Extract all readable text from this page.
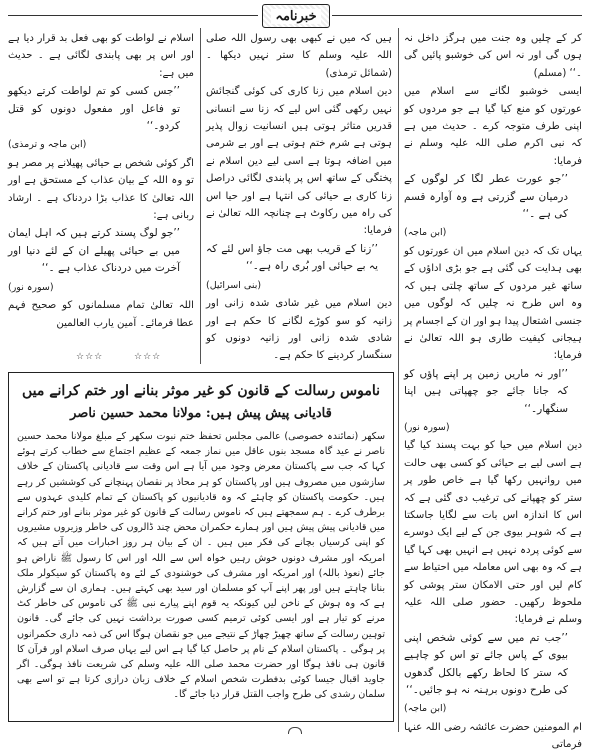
خبرنامہ

کر کے چلیں وہ جنت میں ہرگز داخل نہ ہوں گی اور نہ اس کی خوشبو پائیں گی ۔‘‘ (مسلم)

ایسی خوشبو لگانے سے اسلام میں عورتوں کو منع کیا گیا ہے جو مردوں کو اپنی طرف متوجہ کرے ۔ حدیث میں ہے کہ نبی اکرم صلی اللہ علیہ وسلم نے فرمایا:

’’جو عورت عطر لگا کر لوگوں کے درمیان سے گزرتی ہے وہ آوارہ قسم کی ہے ۔‘‘

(ابن ماجہ)

یہاں تک کہ دین اسلام میں ان عورتوں کو بھی ہدایت کی گئی ہے جو بڑی اداؤں کے ساتھ غیر مردوں کے ساتھ چلتی ہیں کہ وہ اس طرح نہ چلیں کہ لوگوں میں جنسی اشتعال پیدا ہو اور ان کے اجسام پر ہیجانی کیفیت طاری ہو اللہ تعالیٰ نے فرمایا:

’’اور نہ ماریں زمین پر اپنے پاؤں کو کہ جانا جائے جو چھپاتی ہیں اپنا سنگھار۔‘‘

(سورہ نور)

دین اسلام میں حیا کو بہت پسند کیا گیا ہے اسی لیے بے حیائی کو کسی بھی حالت میں روانہیں رکھا گیا ہے خاص طور پر ستر کو چھپانے کی ترغیب دی گئی ہے کہ اس کا اندازہ اس بات سے لگایا جاسکتا ہے کہ شوہر بیوی جن کے لیے ایک دوسرے سے کوئی پردہ نہیں ہے انہیں بھی کہا گیا ہے کہ وہ بھی اس معاملہ میں احتیاط سے کام لیں اور حتی الامکان ستر پوشی کو ملحوظ رکھیں۔ حضور صلی اللہ علیہ وسلم نے فرمایا:

’’جب تم میں سے کوئی شخص اپنی بیوی کے پاس جائے تو اس کو چاہیے کہ ستر کا لحاظ رکھے بالکل گدھوں کی طرح دونوں برہنہ نہ ہو جائیں۔‘‘

(ابن ماجہ)

ام المومنین حضرت عائشہ رضی اللہ عنہا فرماتی

ہیں کہ میں نے کبھی بھی رسول اللہ صلی اللہ علیہ وسلم کا ستر نہیں دیکھا ۔ (شمائل ترمذی)

دین اسلام میں زنا کاری کی کوئی گنجائش نہیں رکھی گئی اس لیے کہ زنا سے انسانی قدریں متاثر ہوتی ہیں انسانیت زوال پذیر ہوتی ہے شرم ختم ہوتی ہے اور بے شرمی میں اضافہ ہوتا ہے اسی لیے دین اسلام نے پختگی کے ساتھ اس پر پابندی لگائی دراصل زنا کاری بے حیائی کی انتہا ہے اور حیا اس کی راہ میں رکاوٹ ہے چنانچہ اللہ تعالیٰ نے فرمایا:

’’زنا کے قریب بھی مت جاؤ اس لئے کہ یہ بے حیائی اور بُری راہ ہے۔‘‘

(بنی اسرائیل)

دین اسلام میں غیر شادی شدہ زانی اور زانیہ کو سو کوڑے لگانے کا حکم ہے اور شادی شدہ زانی اور زانیہ دونوں کو سنگسار کردینے کا حکم ہے۔

اسلام نے لواطت کو بھی فعل بد قرار دیا ہے اور اس پر بھی پابندی لگائی ہے ۔ حدیث میں ہے:

’’جس کسی کو تم لواطت کرتے دیکھو تو فاعل اور مفعول دونوں کو قتل کردو۔‘‘

(ابن ماجہ و ترمذی)

اگر کوئی شخص بے حیائی پھیلانے پر مصر ہو تو وہ اللہ کے بیان عذاب کے مستحق ہے اور اللہ تعالیٰ کا عذاب بڑا دردناک ہے ۔ ارشاد ربانی ہے:

’’جو لوگ پسند کرتے ہیں کہ اہل ایمان میں بے حیائی پھیلے ان کے لئے دنیا اور آخرت میں دردناک عذاب ہے ۔‘‘

(سورہ نور)

اللہ تعالیٰ تمام مسلمانوں کو صحیح فہم عطا فرمائے۔ آمین یارب العالمین

☆☆☆	☆☆☆

ناموس رسالت کے قانون کو غیر موثر بنانے اور ختم کرانے میں

قادیانی پیش پیش ہیں: مولانا محمد حسین ناصر

سکھر (نمائندہ خصوصی) عالمی مجلس تحفظ ختم نبوت سکھر کے مبلغ مولانا محمد حسین ناصر نے عید گاہ مسجد بنوں عاقل میں نماز جمعہ کے عظیم اجتماع سے خطاب کرتے ہوئے کہا کہ جب سے پاکستان معرض وجود میں آیا ہے اس وقت سے قادیانی پاکستان کے خلاف سازشوں میں مصروف ہیں اور پاکستان کو ہر محاذ پر نقصان پہنچانے کی کوششیں کر رہے ہیں۔ حکومت پاکستان کو چاہئے کہ وہ قادیانیوں کو پاکستان کے تمام کلیدی عہدوں سے برطرف کرے ۔ ہم سمجھتے ہیں کہ ناموس رسالت کے قانون کو غیر موثر بنانے اور ختم کرانے میں قادیانی پیش پیش ہیں اور ہمارے حکمران محض چند ڈالروں کی خاطر وزیروں مشیروں کو اپنی کرسیاں بچانے کی فکر میں ہیں ۔ ان کے بیان ہر روز اخبارات میں آتے ہیں کہ امریکہ اور مشرف دونوں خوش رہیں خواہ اس سے اللہ اور اس کا رسول ﷺ ناراض ہو جائے (نعوذ باللہ) اور امریکہ اور مشرف کی خوشنودی کے لئے وہ پاکستان کو سیکولر ملک بنانا چاہتے ہیں اور پھر اپنے آپ کو مسلمان اور سید بھی کہتے ہیں۔ ہماری ان سے گزارش ہے کہ وہ ہوش کے ناخن لیں کیونکہ یہ قوم اپنے پیارے نبی ﷺ کی ناموس کی خاطر کٹ مرنے کو تیار ہے اور ایسی کوئی ترمیم کسی صورت برداشت نہیں کی جائے گی۔ قانون توہین رسالت کے ساتھ چھیڑ چھاڑ کے نتیجے میں جو نقصان ہوگا اس کی ذمہ داری حکمرانوں پر ہوگی ۔ پاکستان اسلام کے نام پر حاصل کیا گیا ہے اس لیے یہاں صرف اسلام اور قرآن کا قانون ہی نافذ ہوگا اور حضرت محمد صلی اللہ علیہ وسلم کی شریعت نافذ ہوگی۔ اگر جاوید اقبال جیسا کوئی بدفطرت شخص اسلام کے خلاف زبان درازی کرتا ہے تو اسے بھی سلمان رشدی کی طرح واجب القتل قرار دیا جائے گا۔
